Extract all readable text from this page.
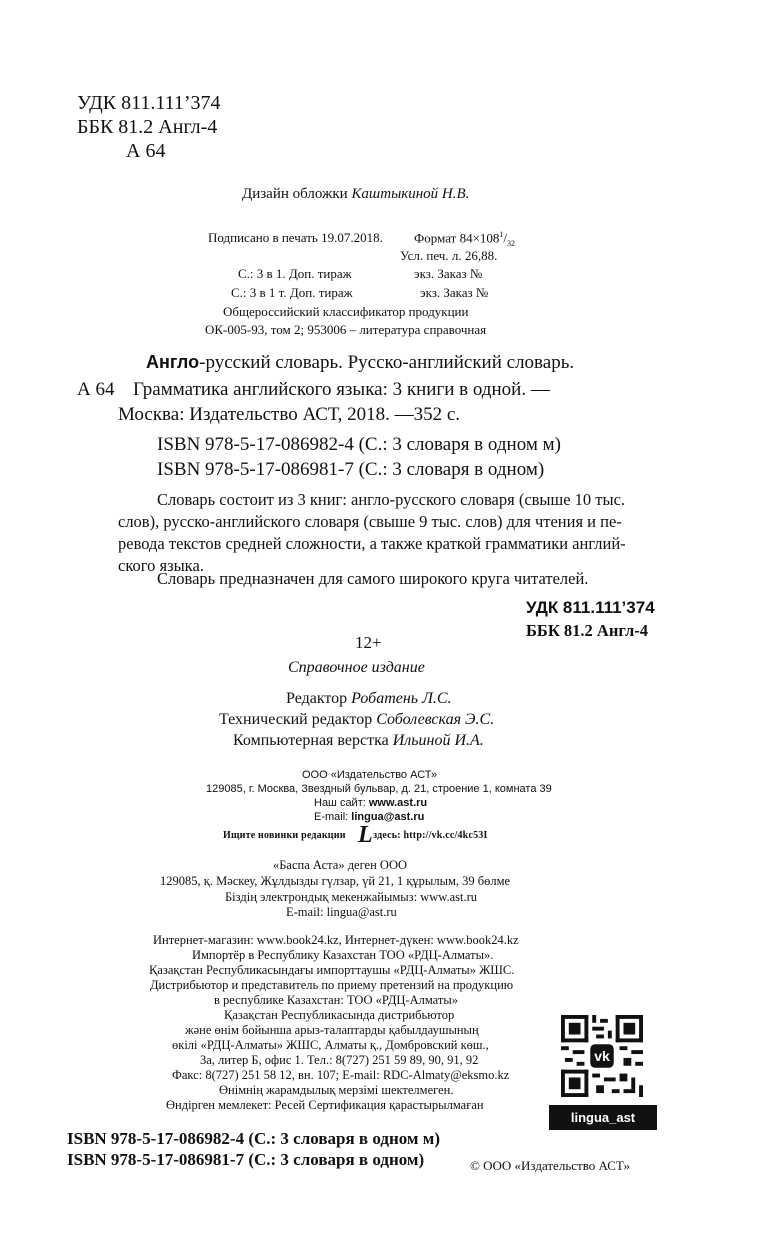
УДК 811.111’374
ББК 81.2 Англ-4
А 64
Дизайн обложки Каштыкиной Н.В.
Подписано в печать 19.07.2018. Формат $84\times 108^1/_{32}$
Усл. печ. л. 26,88.
С.: 3 в 1. Доп. тираж	экз. Заказ №
С.: 3 в 1 т. Доп. тираж	экз. Заказ №
Общероссийский классификатор продукции
ОК-005-93, том 2; 953006 – литература справочная
Англо-русский словарь. Русско-английский словарь.
А 64 Грамматика английского языка: 3 книги в одной. —
Москва: Издательство АСТ, 2018. —352 с.
ISBN 978-5-17-086982-4 (С.: 3 словаря в одном м)
ISBN 978-5-17-086981-7 (С.: 3 словаря в одном)
Словарь состоит из 3 книг: англо-русского словаря (свыше 10 тыс.
слов), русско-английского словаря (свыше 9 тыс. слов) для чтения и пе-
ревода текстов средней сложности, а также краткой грамматики англий-
ского языка.
Словарь предназначен для самого широкого круга читателей.
УДК 811.111’374
ББК 81.2 Англ-4
12+
Справочное издание
Редактор Робатень Л.С.
Технический редактор Соболевская Э.С.
Компьютерная верстка Ильиной И.А.
ООО «Издательство АСТ»
129085, г. Москва, Звездный бульвар, д. 21, строение 1, комната 39
Наш сайт: www.ast.ru
E-mail: lingua@ast.ru
Ищите новинки редакции	здесь: http://vk.cc/4kc53I
L
«Баспа Аста» деген ООО
129085, қ. Мәскеу, Жұлдызды гүлзар, үй 21, 1 құрылым, 39 бөлме
Біздің электрондық мекенжайымыз: www.ast.ru
E-mail: lingua@ast.ru
Интернет-магазин: www.book24.kz, Интернет-дүкен: www.book24.kz
Импортёр в Республику Казахстан ТОО «РДЦ-Алматы».
Қазақстан Республикасындағы импорттаушы «РДЦ-Алматы» ЖШС.
Дистрибьютор и представитель по приему претензий на продукцию
в республике Казахстан: ТОО «РДЦ-Алматы»
Қазақстан Республикасында дистрибьютор
және өнім бойынша арыз-талаптарды қабылдаушының
өкілі «РДЦ-Алматы» ЖШС, Алматы қ., Домбровский көш.,
3а, литер Б, офис 1. Тел.: 8(727) 251 59 89, 90, 91, 92
Факс: 8(727) 251 58 12, вн. 107; E-mail: RDC-Almaty@eksmo.kz
Өнімнің жарамдылық мерзімі шектелмеген.
Өндірген мемлекет: Ресей Сертификация қарастырылмаған
vk
lingua_ast
ISBN 978-5-17-086982-4 (С.: 3 словаря в одном м)
ISBN 978-5-17-086981-7 (С.: 3 словаря в одном)	© ООО «Издательство АСТ»
